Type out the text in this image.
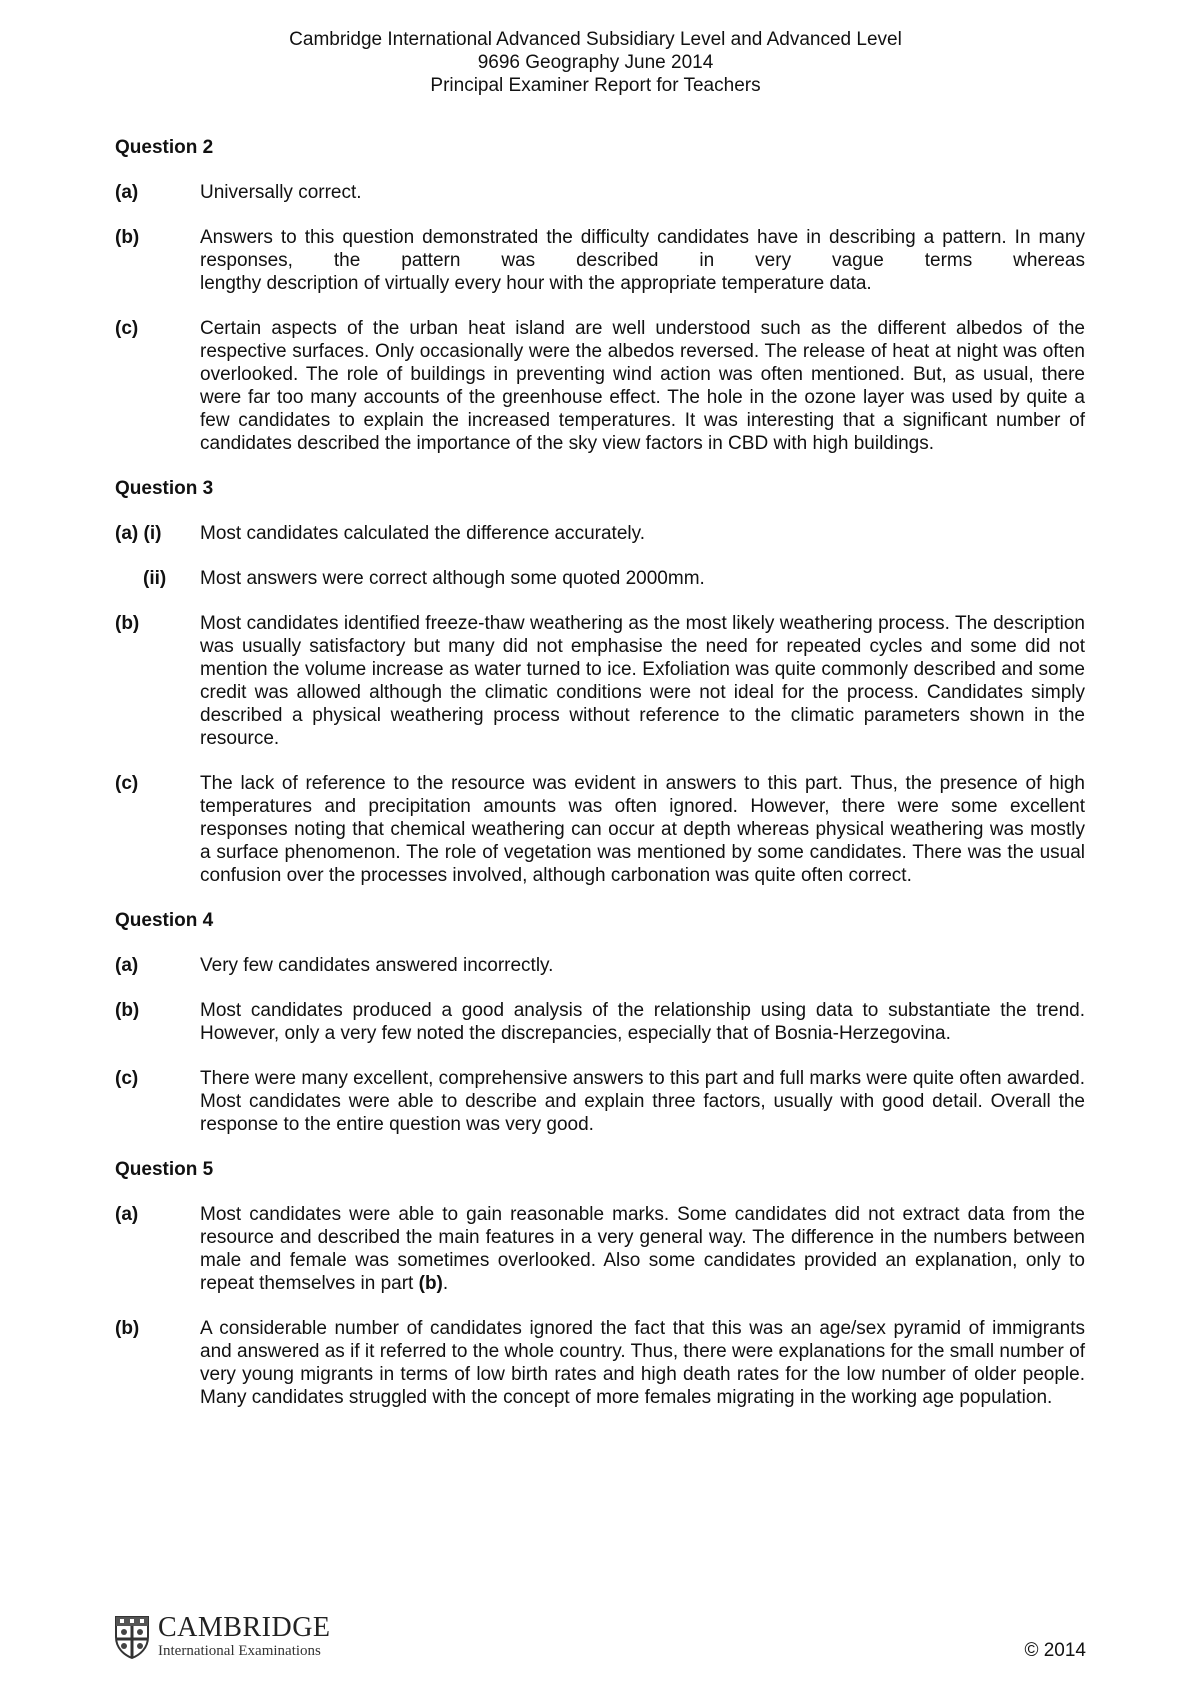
Cambridge International Advanced Subsidiary Level and Advanced Level
9696 Geography June 2014
Principal Examiner Report for Teachers
Question 2
(a)	Universally correct.
(b)	Answers to this question demonstrated the difficulty candidates have in describing a pattern. In many responses, the pattern was described in very vague terms whereas
lengthy description of virtually every hour with the appropriate temperature data.
(c)	Certain aspects of the urban heat island are well understood such as the different albedos of the respective surfaces. Only occasionally were the albedos reversed. The release of heat at night was often overlooked. The role of buildings in preventing wind action was often mentioned. But, as usual, there were far too many accounts of the greenhouse effect. The hole in the ozone layer was used by quite a few candidates to explain the increased temperatures. It was interesting that a significant number of candidates described the importance of the sky view factors in CBD with high buildings.
Question 3
(a) (i)	Most candidates calculated the difference accurately.
(ii)	Most answers were correct although some quoted 2000mm.
(b)	Most candidates identified freeze-thaw weathering as the most likely weathering process. The description was usually satisfactory but many did not emphasise the need for repeated cycles and some did not mention the volume increase as water turned to ice. Exfoliation was quite commonly described and some credit was allowed although the climatic conditions were not ideal for the process. Candidates simply described a physical weathering process without reference to the climatic parameters shown in the resource.
(c)	The lack of reference to the resource was evident in answers to this part. Thus, the presence of high temperatures and precipitation amounts was often ignored. However, there were some excellent responses noting that chemical weathering can occur at depth whereas physical weathering was mostly a surface phenomenon. The role of vegetation was mentioned by some candidates. There was the usual confusion over the processes involved, although carbonation was quite often correct.
Question 4
(a)	Very few candidates answered incorrectly.
(b)	Most candidates produced a good analysis of the relationship using data to substantiate the trend. However, only a very few noted the discrepancies, especially that of Bosnia-Herzegovina.
(c)	There were many excellent, comprehensive answers to this part and full marks were quite often awarded. Most candidates were able to describe and explain three factors, usually with good detail. Overall the response to the entire question was very good.
Question 5
(a)	Most candidates were able to gain reasonable marks. Some candidates did not extract data from the resource and described the main features in a very general way. The difference in the numbers between male and female was sometimes overlooked. Also some candidates provided an explanation, only to repeat themselves in part (b).
(b)	A considerable number of candidates ignored the fact that this was an age/sex pyramid of immigrants and answered as if it referred to the whole country. Thus, there were explanations for the small number of very young migrants in terms of low birth rates and high death rates for the low number of older people. Many candidates struggled with the concept of more females migrating in the working age population.
CAMBRIDGE
International Examinations	© 2014
